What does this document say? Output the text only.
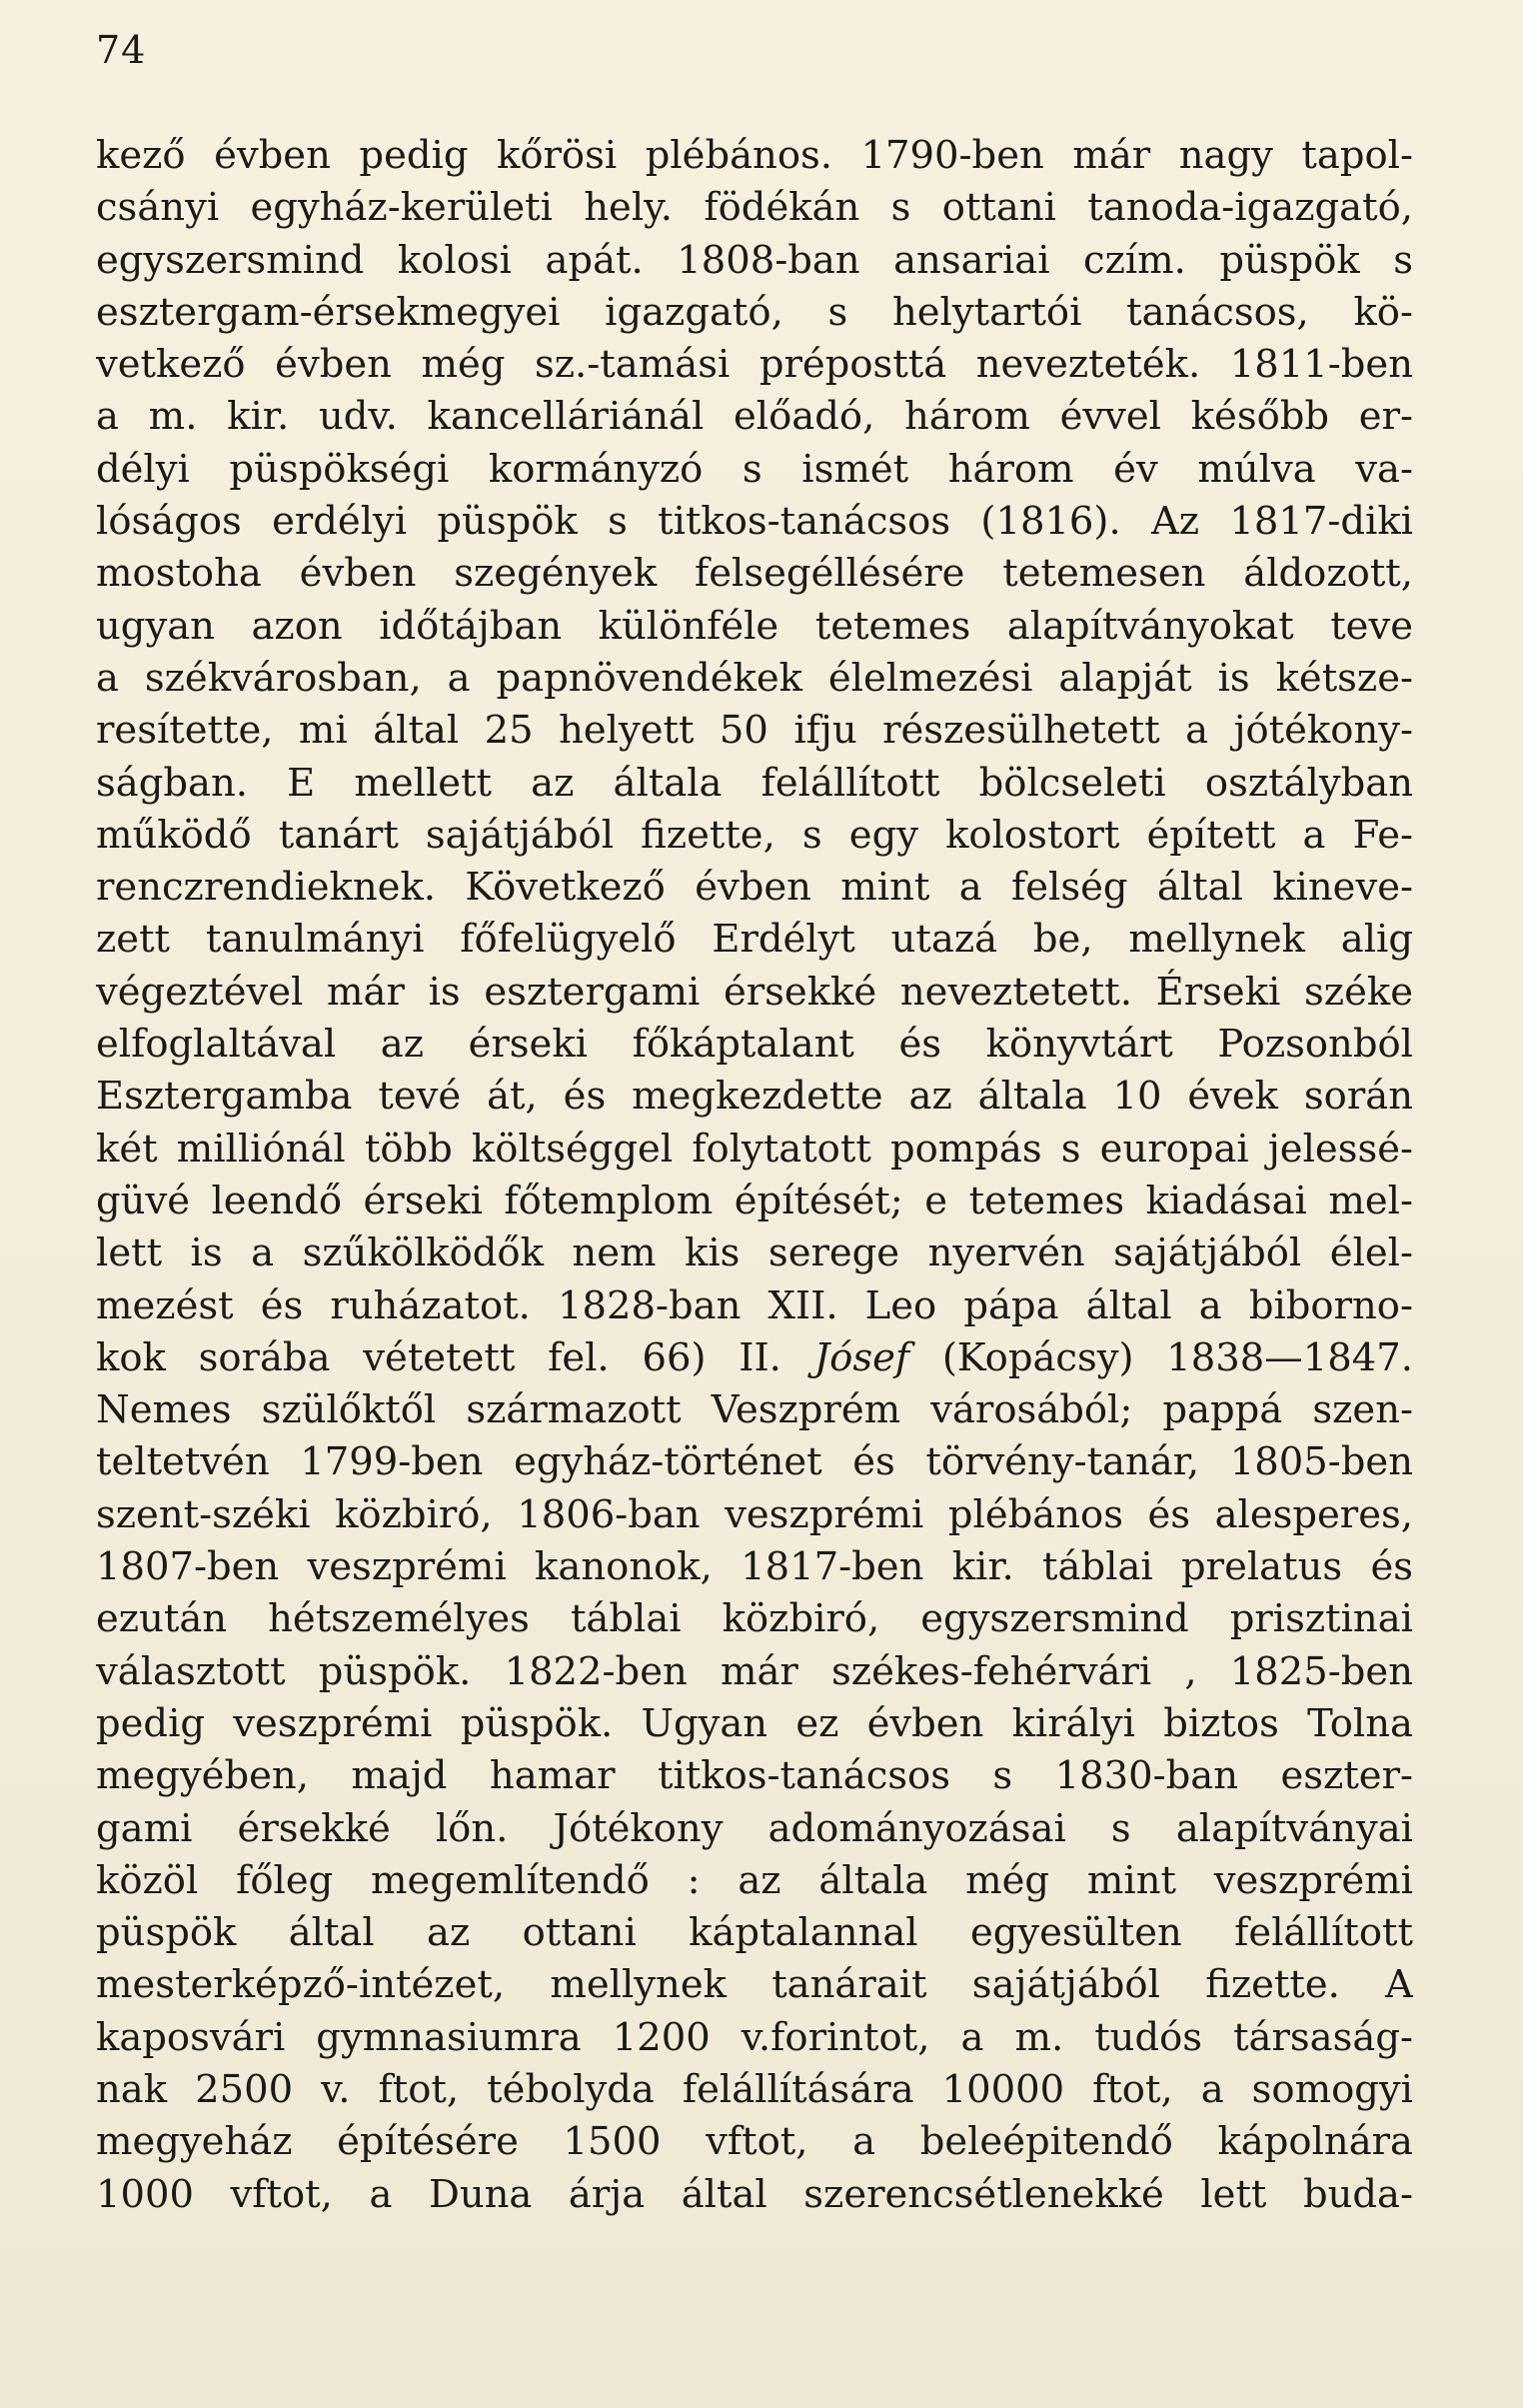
74
kező évben pedig kőrösi plébános. 1790-ben már nagy tapol-
csányi egyház-kerületi hely. födékán s ottani tanoda-igazgató,
egyszersmind kolosi apát. 1808-ban ansariai czím. püspök s
esztergam-érsekmegyei igazgató, s helytartói tanácsos, kö-
vetkező évben még sz.-tamási préposttá nevezteték. 1811-ben
a m. kir. udv. kancelláriánál előadó, három évvel később er-
délyi püspökségi kormányzó s ismét három év múlva va-
lóságos erdélyi püspök s titkos-tanácsos (1816). Az 1817-diki
mostoha évben szegények felsegéllésére tetemesen áldozott,
ugyan azon időtájban különféle tetemes alapítványokat teve
a székvárosban, a papnövendékek élelmezési alapját is kétsze-
resítette, mi által 25 helyett 50 ifju részesülhetett a jótékony-
ságban. E mellett az általa felállított bölcseleti osztályban
működő tanárt sajátjából fizette, s egy kolostort épített a Fe-
renczrendieknek. Következő évben mint a felség által kineve-
zett tanulmányi főfelügyelő Erdélyt utazá be, mellynek alig
végeztével már is esztergami érsekké neveztetett. Érseki széke
elfoglaltával az érseki főkáptalant és könyvtárt Pozsonból
Esztergamba tevé át, és megkezdette az általa 10 évek során
két milliónál több költséggel folytatott pompás s europai jelessé-
güvé leendő érseki főtemplom építését; e tetemes kiadásai mel-
lett is a szűkölködők nem kis serege nyervén sajátjából élel-
mezést és ruházatot. 1828-ban XII. Leo pápa által a biborno-
kok sorába vétetett fel. 66) II. Jósef (Kopácsy) 1838—1847.
Nemes szülőktől származott Veszprém városából; pappá szen-
teltetvén 1799-ben egyház-történet és törvény-tanár, 1805-ben
szent-széki közbiró, 1806-ban veszprémi plébános és alesperes,
1807-ben veszprémi kanonok, 1817-ben kir. táblai prelatus és
ezután hétszemélyes táblai közbiró, egyszersmind prisztinai
választott püspök. 1822-ben már székes-fehérvári , 1825-ben
pedig veszprémi püspök. Ugyan ez évben királyi biztos Tolna
megyében, majd hamar titkos-tanácsos s 1830-ban eszter-
gami érsekké lőn. Jótékony adományozásai s alapítványai
közöl főleg megemlítendő : az általa még mint veszprémi
püspök által az ottani káptalannal egyesülten felállított
mesterképző-intézet, mellynek tanárait sajátjából fizette. A
kaposvári gymnasiumra 1200 v.forintot, a m. tudós társaság-
nak 2500 v. ftot, tébolyda felállítására 10000 ftot, a somogyi
megyeház építésére 1500 vftot, a beleépitendő kápolnára
1000 vftot, a Duna árja által szerencsétlenekké lett buda-
